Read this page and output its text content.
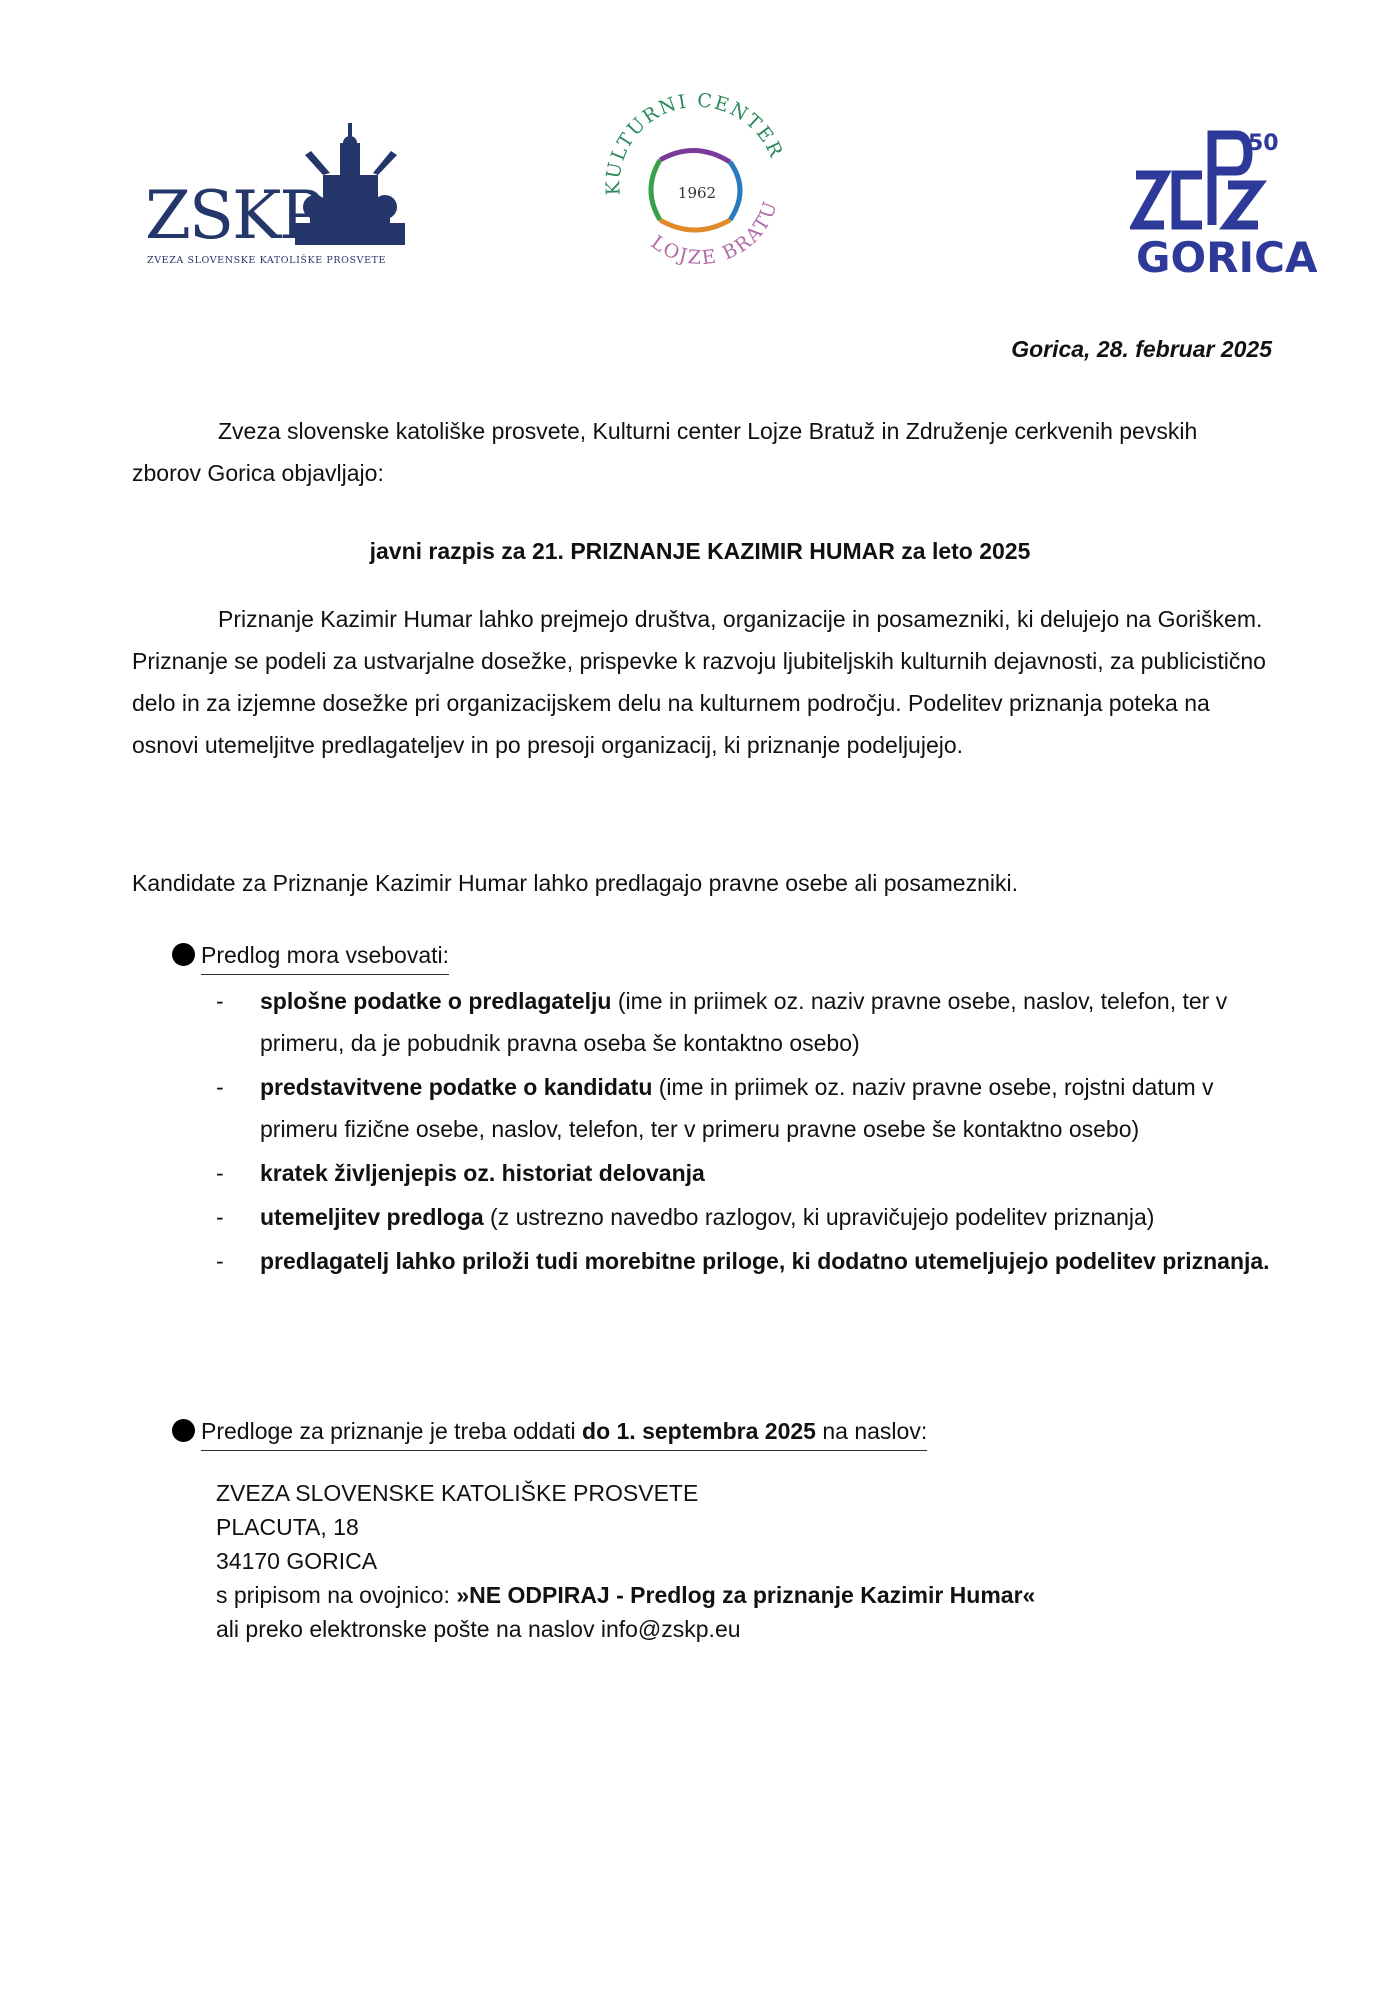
ZSKP
ZVEZA SLOVENSKE KATOLIŠKE PROSVETE
KULTURNI CENTER
LOJZE BRATU
1962
50
GORICA
Gorica, 28. februar 2025
Zveza slovenske katoliške prosvete, Kulturni center Lojze Bratuž in Združenje cerkvenih pevskih zborov Gorica objavljajo:
javni razpis za 21. PRIZNANJE KAZIMIR HUMAR za leto 2025
Priznanje Kazimir Humar lahko prejmejo društva, organizacije in posamezniki, ki delujejo na Goriškem. Priznanje se podeli za ustvarjalne dosežke, prispevke k razvoju ljubiteljskih kulturnih dejavnosti, za publicistično delo in za izjemne dosežke pri organizacijskem delu na kulturnem področju. Podelitev priznanja poteka na osnovi utemeljitve predlagateljev in po presoji organizacij, ki priznanje podeljujejo.
Kandidate za Priznanje Kazimir Humar lahko predlagajo pravne osebe ali posamezniki.
Predlog mora vsebovati:
- splošne podatke o predlagatelju (ime in priimek oz. naziv pravne osebe, naslov, telefon, ter v primeru, da je pobudnik pravna oseba še kontaktno osebo)
- predstavitvene podatke o kandidatu (ime in priimek oz. naziv pravne osebe, rojstni datum v primeru fizične osebe, naslov, telefon, ter v primeru pravne osebe še kontaktno osebo)
- kratek življenjepis oz. historiat delovanja
- utemeljitev predloga (z ustrezno navedbo razlogov, ki upravičujejo podelitev priznanja)
- predlagatelj lahko priloži tudi morebitne priloge, ki dodatno utemeljujejo podelitev priznanja.
Predloge za priznanje je treba oddati do 1. septembra 2025 na naslov:
ZVEZA SLOVENSKE KATOLIŠKE PROSVETE
PLACUTA, 18
34170 GORICA
s pripisom na ovojnico: »NE ODPIRAJ - Predlog za priznanje Kazimir Humar«
ali preko elektronske pošte na naslov info@zskp.eu
